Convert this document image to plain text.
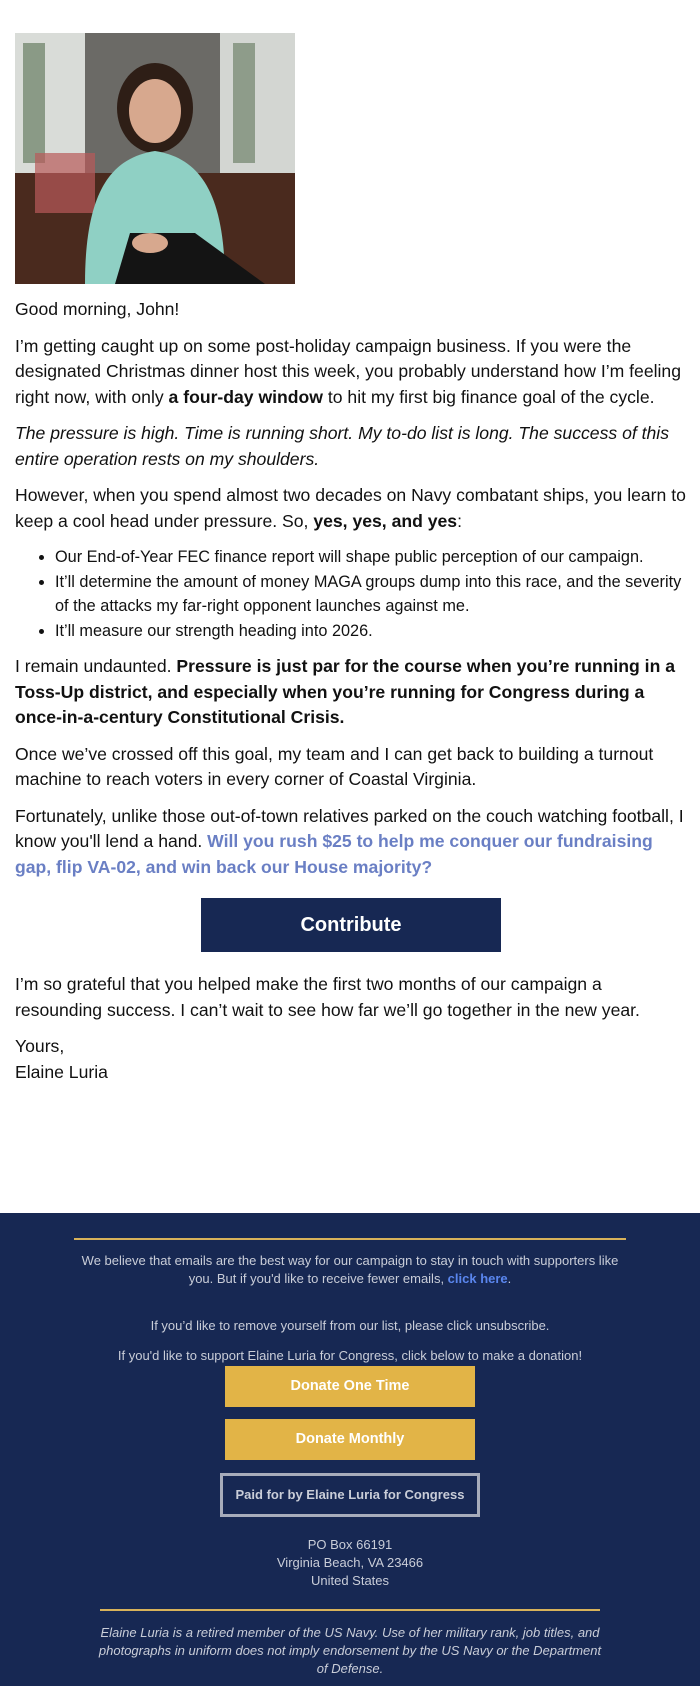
Good morning, John!

I’m getting caught up on some post-holiday campaign business. If you were the designated Christmas dinner host this week, you probably understand how I’m feeling right now, with only a four-day window to hit my first big finance goal of the cycle.

The pressure is high. Time is running short. My to-do list is long. The success of this entire operation rests on my shoulders.

However, when you spend almost two decades on Navy combatant ships, you learn to keep a cool head under pressure. So, yes, yes, and yes:

• Our End-of-Year FEC finance report will shape public perception of our campaign.
• It’ll determine the amount of money MAGA groups dump into this race, and the severity of the attacks my far-right opponent launches against me.
• It’ll measure our strength heading into 2026.

I remain undaunted. Pressure is just par for the course when you’re running in a Toss-Up district, and especially when you’re running for Congress during a once-in-a-century Constitutional Crisis.

Once we’ve crossed off this goal, my team and I can get back to building a turnout machine to reach voters in every corner of Coastal Virginia.

Fortunately, unlike those out-of-town relatives parked on the couch watching football, I know you'll lend a hand. Will you rush $25 to help me conquer our fundraising gap, flip VA-02, and win back our House majority?

Contribute

I’m so grateful that you helped make the first two months of our campaign a resounding success. I can’t wait to see how far we’ll go together in the new year.

Yours,
Elaine Luria

We believe that emails are the best way for our campaign to stay in touch with supporters like you. But if you'd like to receive fewer emails, click here.
If you’d like to remove yourself from our list, please click unsubscribe.
If you'd like to support Elaine Luria for Congress, click below to make a donation!
Donate One Time
Donate Monthly
Paid for by Elaine Luria for Congress
PO Box 66191
Virginia Beach, VA 23466
United States
Elaine Luria is a retired member of the US Navy. Use of her military rank, job titles, and photographs in uniform does not imply endorsement by the US Navy or the Department of Defense.
